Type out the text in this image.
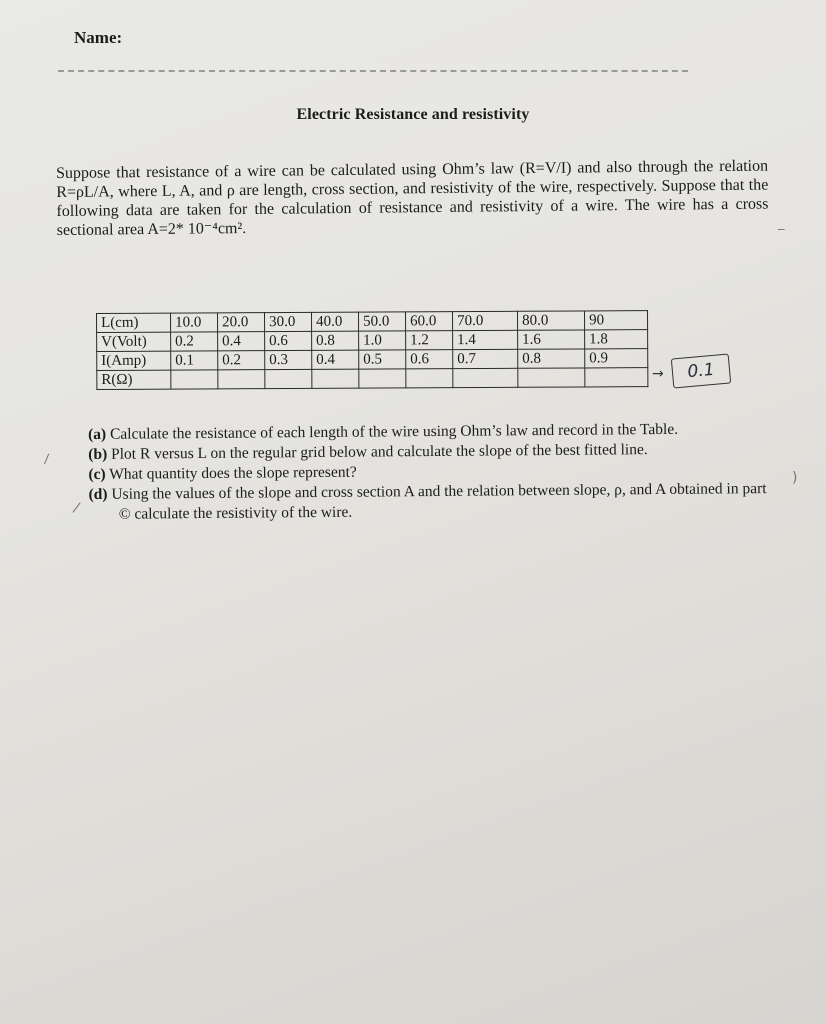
Name:
Electric Resistance and resistivity
Suppose that resistance of a wire can be calculated using Ohm’s law (R=V/I) and also through the relation R=ρL/A, where L, A, and ρ are length, cross section, and resistivity of the wire, respectively. Suppose that the following data are taken for the calculation of resistance and resistivity of a wire. The wire has a cross sectional area A=2* 10⁻⁴cm².
L(cm)	10.0	20.0	30.0	40.0	50.0	60.0	70.0	80.0	90
V(Volt)	0.2	0.4	0.6	0.8	1.0	1.2	1.4	1.6	1.8
I(Amp)	0.1	0.2	0.3	0.4	0.5	0.6	0.7	0.8	0.9
R(Ω)										→	0.1
(a) Calculate the resistance of each length of the wire using Ohm’s law and record in the Table.
(b) Plot R versus L on the regular grid below and calculate the slope of the best fitted line.
(c) What quantity does the slope represent?
(d) Using the values of the slope and cross section A and the relation between slope, ρ, and A obtained in part © calculate the resistivity of the wire.
\
_
)
/
